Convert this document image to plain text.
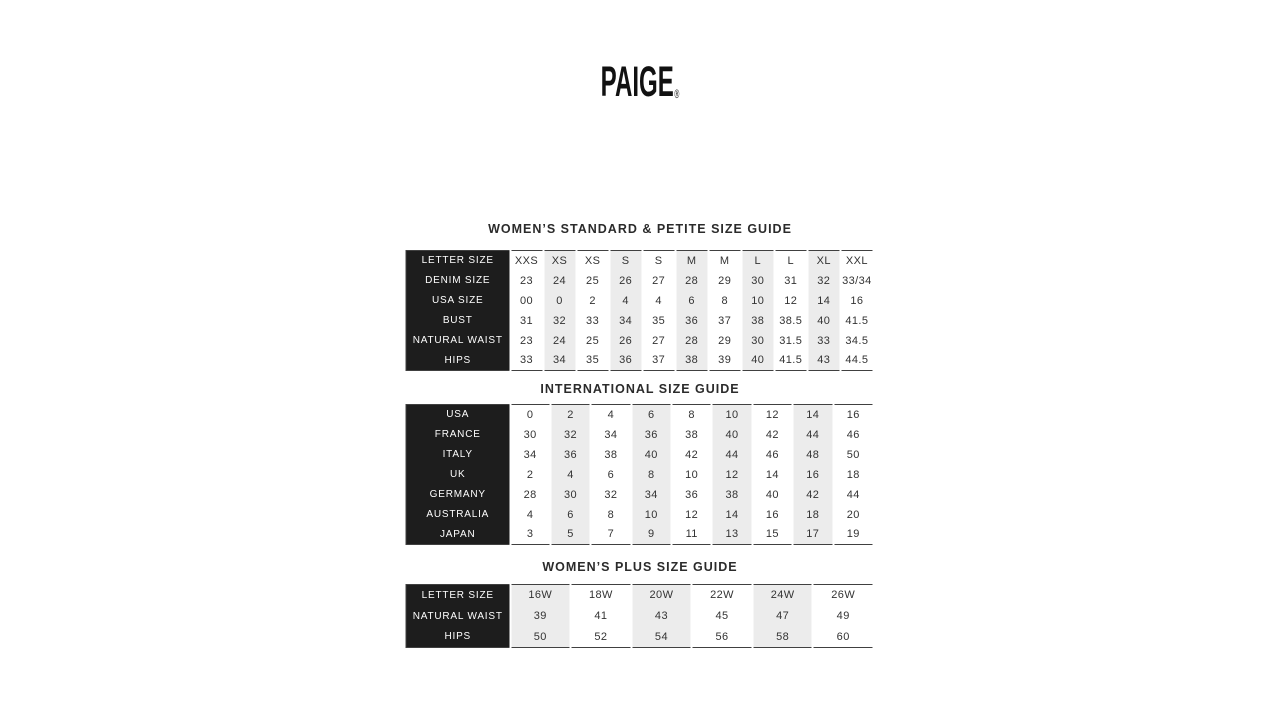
PAIGE®
WOMEN’S STANDARD & PETITE SIZE GUIDE
LETTER SIZE	XXS	XS	XS	S	S	M	M	L	L	XL	XXL
DENIM SIZE	23	24	25	26	27	28	29	30	31	32	33/34
USA SIZE	00	0	2	4	4	6	8	10	12	14	16
BUST	31	32	33	34	35	36	37	38	38.5	40	41.5
NATURAL WAIST	23	24	25	26	27	28	29	30	31.5	33	34.5
HIPS	33	34	35	36	37	38	39	40	41.5	43	44.5
INTERNATIONAL SIZE GUIDE
USA	0	2	4	6	8	10	12	14	16
FRANCE	30	32	34	36	38	40	42	44	46
ITALY	34	36	38	40	42	44	46	48	50
UK	2	4	6	8	10	12	14	16	18
GERMANY	28	30	32	34	36	38	40	42	44
AUSTRALIA	4	6	8	10	12	14	16	18	20
JAPAN	3	5	7	9	11	13	15	17	19
WOMEN’S PLUS SIZE GUIDE
LETTER SIZE	16W	18W	20W	22W	24W	26W
NATURAL WAIST	39	41	43	45	47	49
HIPS	50	52	54	56	58	60
